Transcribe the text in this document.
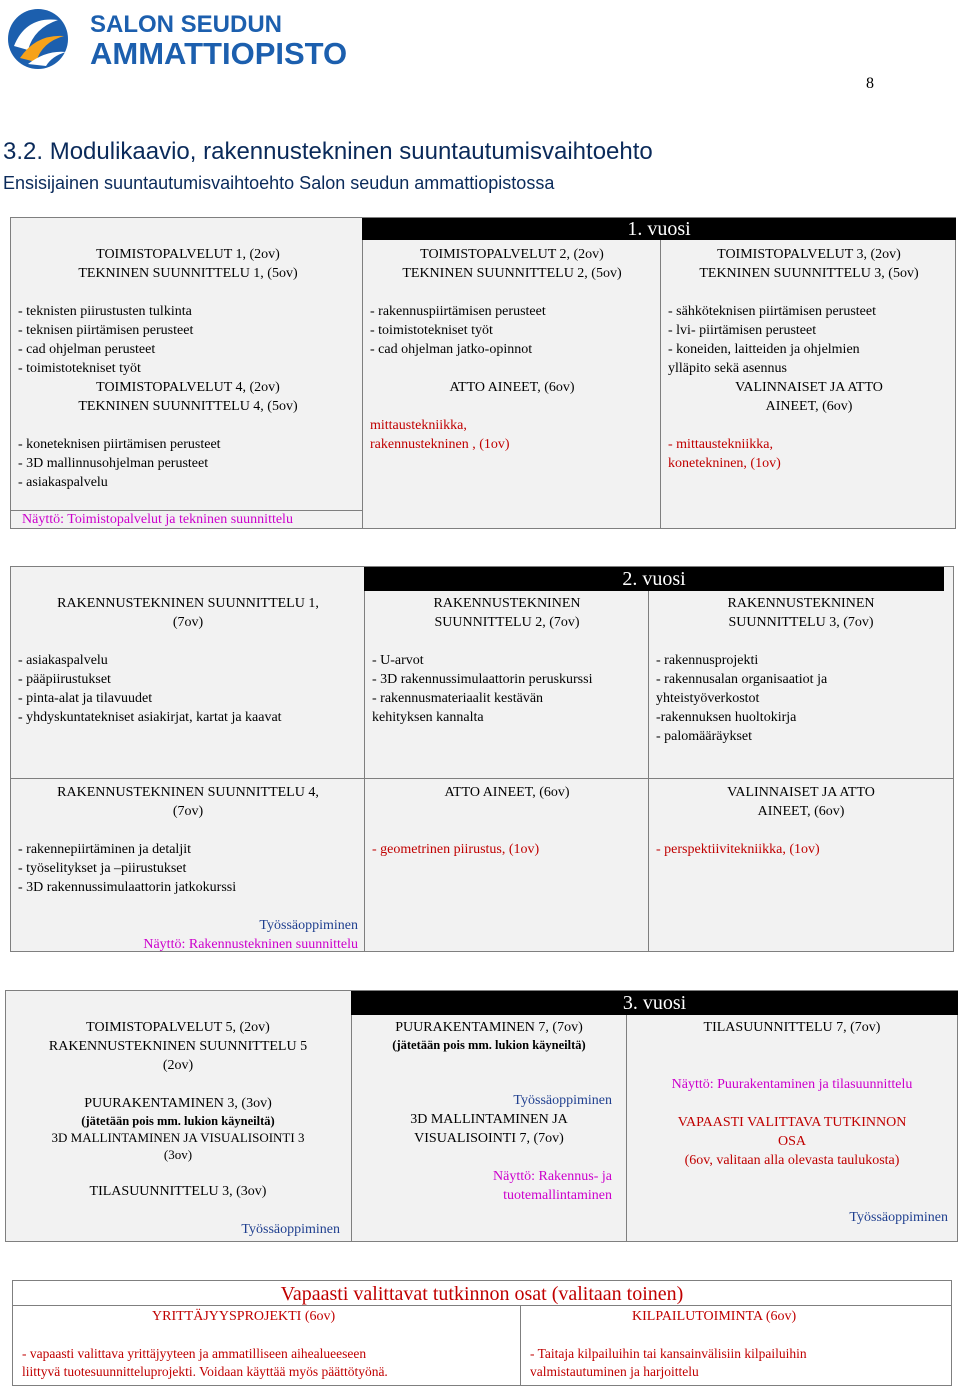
SALON SEUDUN
AMMATTIOPISTO
8
3.2. Modulikaavio, rakennustekninen suuntautumisvaihtoehto
Ensisijainen suuntautumisvaihtoehto Salon seudun ammattiopistossa
1. vuosi
TOIMISTOPALVELUT 1, (2ov)
TEKNINEN SUUNNITTELU 1, (5ov)
- teknisten piirustusten tulkinta
- teknisen piirtämisen perusteet
- cad ohjelman perusteet
- toimistotekniset työt
TOIMISTOPALVELUT 4, (2ov)
TEKNINEN SUUNNITTELU 4, (5ov)
- koneteknisen piirtämisen perusteet
- 3D mallinnusohjelman perusteet
- asiakaspalvelu
Näyttö: Toimistopalvelut ja tekninen suunnittelu
TOIMISTOPALVELUT 2, (2ov)
TEKNINEN SUUNNITTELU 2, (5ov)
- rakennuspiirtämisen perusteet
- toimistotekniset työt
- cad ohjelman jatko-opinnot
ATTO AINEET, (6ov)
mittaustekniikka,
rakennustekninen , (1ov)
TOIMISTOPALVELUT 3, (2ov)
TEKNINEN SUUNNITTELU 3, (5ov)
- sähköteknisen piirtämisen perusteet
- lvi- piirtämisen perusteet
- koneiden, laitteiden ja ohjelmien
ylläpito sekä asennus
VALINNAISET JA ATTO
AINEET, (6ov)
- mittaustekniikka,
konetekninen, (1ov)
2. vuosi
RAKENNUSTEKNINEN SUUNNITTELU 1,
(7ov)
- asiakaspalvelu
- pääpiirustukset
- pinta-alat ja tilavuudet
- yhdyskuntatekniset asiakirjat, kartat ja kaavat
RAKENNUSTEKNINEN
SUUNNITTELU 2, (7ov)
- U-arvot
- 3D rakennussimulaattorin peruskurssi
- rakennusmateriaalit kestävän
kehityksen kannalta
RAKENNUSTEKNINEN
SUUNNITTELU 3, (7ov)
- rakennusprojekti
- rakennusalan organisaatiot ja
yhteistyöverkostot
-rakennuksen huoltokirja
- palomääräykset
RAKENNUSTEKNINEN SUUNNITTELU 4,
(7ov)
- rakennepiirtäminen ja detaljit
- työselitykset ja –piirustukset
- 3D rakennussimulaattorin jatkokurssi
Työssäoppiminen
Näyttö: Rakennustekninen suunnittelu
ATTO AINEET, (6ov)
- geometrinen piirustus, (1ov)
VALINNAISET JA ATTO
AINEET, (6ov)
- perspektiivitekniikka, (1ov)
3. vuosi
TOIMISTOPALVELUT 5, (2ov)
RAKENNUSTEKNINEN SUUNNITTELU 5
(2ov)
PUURAKENTAMINEN 3, (3ov)
(jätetään pois mm. lukion käyneiltä)
3D MALLINTAMINEN JA VISUALISOINTI 3
(3ov)
TILASUUNNITTELU 3, (3ov)
Työssäoppiminen
PUURAKENTAMINEN 7, (7ov)
(jätetään pois mm. lukion käyneiltä)
Työssäoppiminen
3D MALLINTAMINEN JA
VISUALISOINTI 7, (7ov)
Näyttö: Rakennus- ja
tuotemallintaminen
TILASUUNNITTELU 7, (7ov)
Näyttö: Puurakentaminen ja tilasuunnittelu
VAPAASTI VALITTAVA TUTKINNON
OSA
(6ov, valitaan alla olevasta taulukosta)
Työssäoppiminen
Vapaasti valittavat tutkinnon osat (valitaan toinen)
YRITTÄJYYSPROJEKTI (6ov)
- vapaasti valittava yrittäjyyteen ja ammatilliseen aihealueeseen
liittyvä tuotesuunnitteluprojekti. Voidaan käyttää myös päättötyönä.
KILPAILUTOIMINTA (6ov)
- Taitaja kilpailuihin tai kansainvälisiin kilpailuihin
valmistautuminen ja harjoittelu
